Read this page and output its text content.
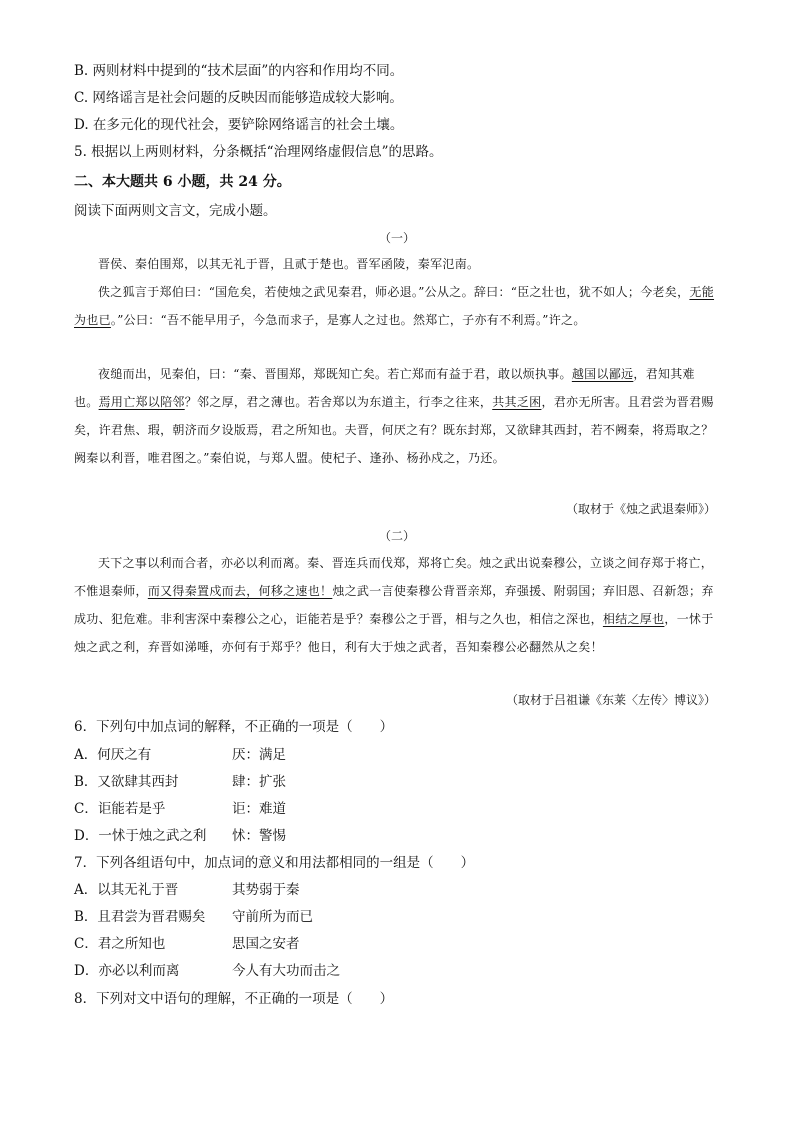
B. 两则材料中提到的“技术层面”的内容和作用均不同。
C. 网络谣言是社会问题的反映因而能够造成较大影响。
D. 在多元化的现代社会，要铲除网络谣言的社会土壤。
5. 根据以上两则材料，分条概括“治理网络虚假信息”的思路。
二、本大题共 6 小题，共 24 分。
阅读下面两则文言文，完成小题。
（一）
晋侯、秦伯围郑，以其无礼于晋，且贰于楚也。晋军函陵，秦军氾南。
佚之狐言于郑伯曰：“国危矣，若使烛之武见秦君，师必退。”公从之。辞曰：“臣之壮也，犹不如人；今老矣，无能为也已。”公曰：“吾不能早用子，今急而求子，是寡人之过也。然郑亡，子亦有不利焉。”许之。
夜缒而出，见秦伯，曰：“秦、晋围郑，郑既知亡矣。若亡郑而有益于君，敢以烦执事。越国以鄙远，君知其难也。焉用亡郑以陪邻？邻之厚，君之薄也。若舍郑以为东道主，行李之往来，共其乏困，君亦无所害。且君尝为晋君赐矣，许君焦、瑕，朝济而夕设版焉，君之所知也。夫晋，何厌之有？既东封郑，又欲肆其西封，若不阙秦，将焉取之？阙秦以利晋，唯君图之。”秦伯说，与郑人盟。使杞子、逢孙、杨孙戍之，乃还。
（取材于《烛之武退秦师》）
（二）
天下之事以利而合者，亦必以利而离。秦、晋连兵而伐郑，郑将亡矣。烛之武出说秦穆公，立谈之间存郑于将亡，不惟退秦师，而又得秦置戍而去，何移之速也！烛之武一言使秦穆公背晋亲郑，弃强援、附弱国；弃旧恩、召新怨；弃成功、犯危难。非利害深中秦穆公之心，讵能若是乎？秦穆公之于晋，相与之久也，相信之深也，相结之厚也，一怵于烛之武之利，弃晋如涕唾，亦何有于郑乎？他日，利有大于烛之武者，吾知秦穆公必翻然从之矣！
（取材于吕祖谦《东莱〈左传〉博议》）
6．下列句中加点词的解释，不正确的一项是（　　）
A．何厌之有	厌：满足
B．又欲肆其西封	肆：扩张
C．讵能若是乎	讵：难道
D．一怵于烛之武之利 怵：警惕
7．下列各组语句中，加点词的意义和用法都相同的一组是（　　）
A．以其无礼于晋	其势弱于秦
B．且君尝为晋君赐矣 守前所为而已
C．君之所知也	思国之安者
D．亦必以利而离	今人有大功而击之
8．下列对文中语句的理解，不正确的一项是（　　）
